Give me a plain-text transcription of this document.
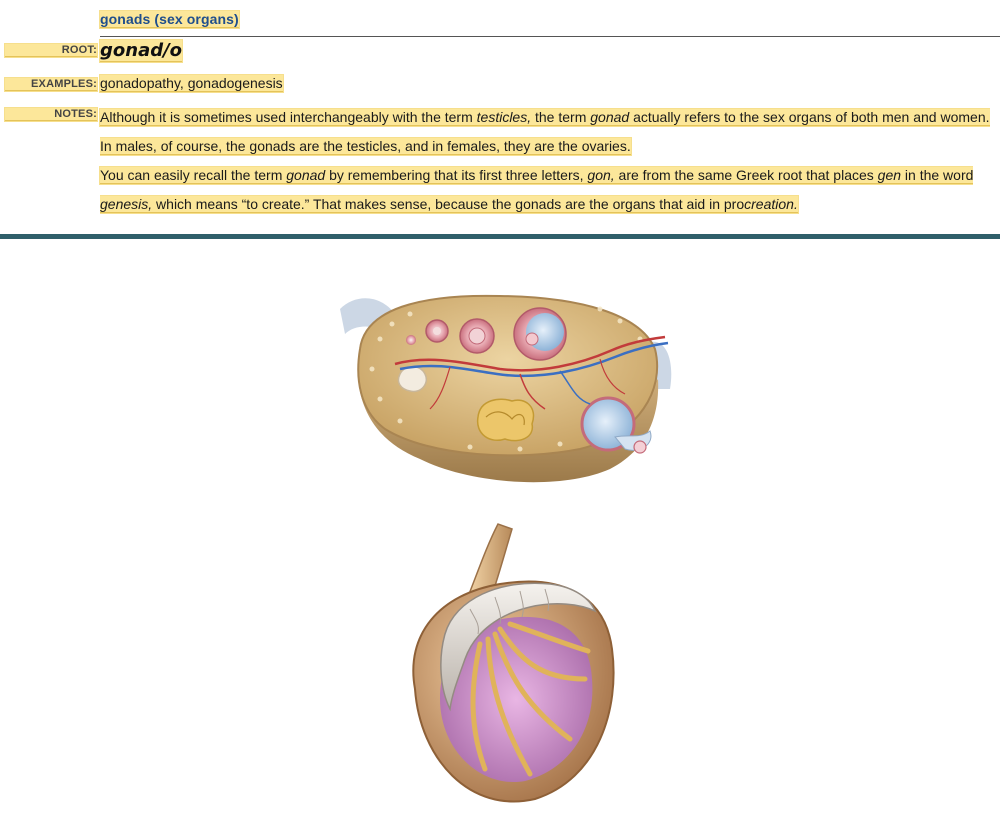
gonads (sex organs)
ROOT: gonad/o
EXAMPLES: gonadopathy, gonadogenesis
NOTES: Although it is sometimes used interchangeably with the term testicles, the term gonad actually refers to the sex organs of both men and women. In males, of course, the gonads are the testicles, and in females, they are the ovaries.

You can easily recall the term gonad by remembering that its first three letters, gon, are from the same Greek root that places gen in the word genesis, which means “to create.” That makes sense, because the gonads are the organs that aid in procreation.
